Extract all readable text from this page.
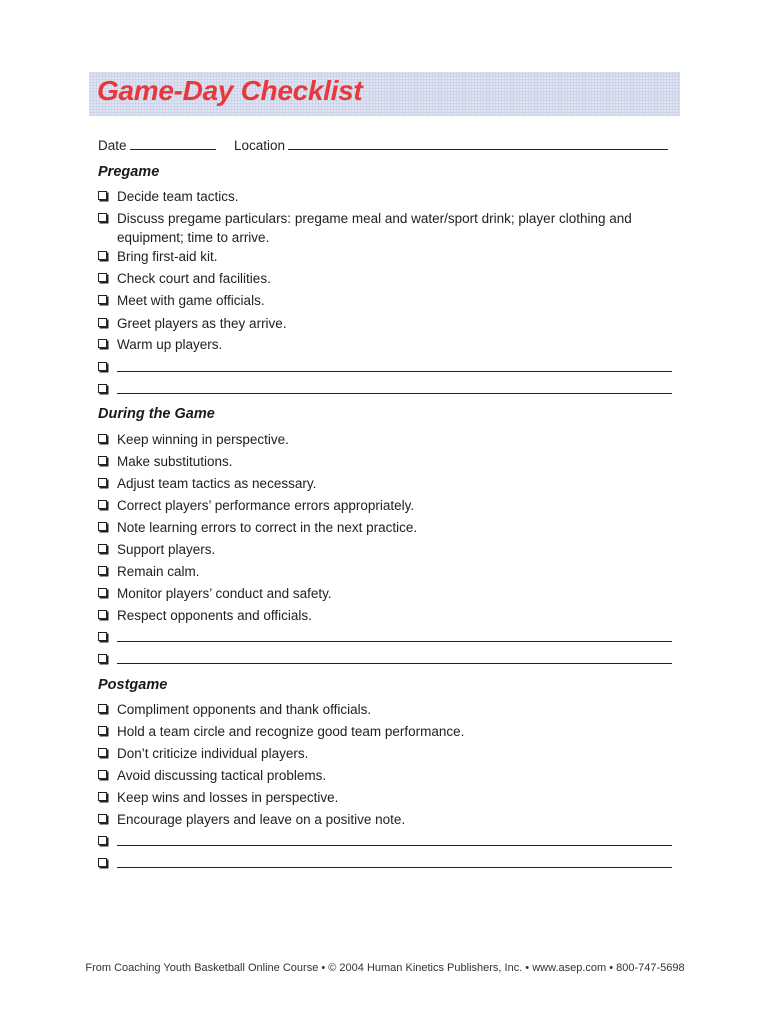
Game-Day Checklist
Date	Location
Pregame
Decide team tactics.
Discuss pregame particulars: pregame meal and water/sport drink; player clothing and equipment; time to arrive.
Bring first-aid kit.
Check court and facilities.
Meet with game officials.
Greet players as they arrive.
Warm up players.
During the Game
Keep winning in perspective.
Make substitutions.
Adjust team tactics as necessary.
Correct players’ performance errors appropriately.
Note learning errors to correct in the next practice.
Support players.
Remain calm.
Monitor players’ conduct and safety.
Respect opponents and officials.
Postgame
Compliment opponents and thank officials.
Hold a team circle and recognize good team performance.
Don’t criticize individual players.
Avoid discussing tactical problems.
Keep wins and losses in perspective.
Encourage players and leave on a positive note.
From Coaching Youth Basketball Online Course • © 2004 Human Kinetics Publishers, Inc. • www.asep.com • 800-747-5698
